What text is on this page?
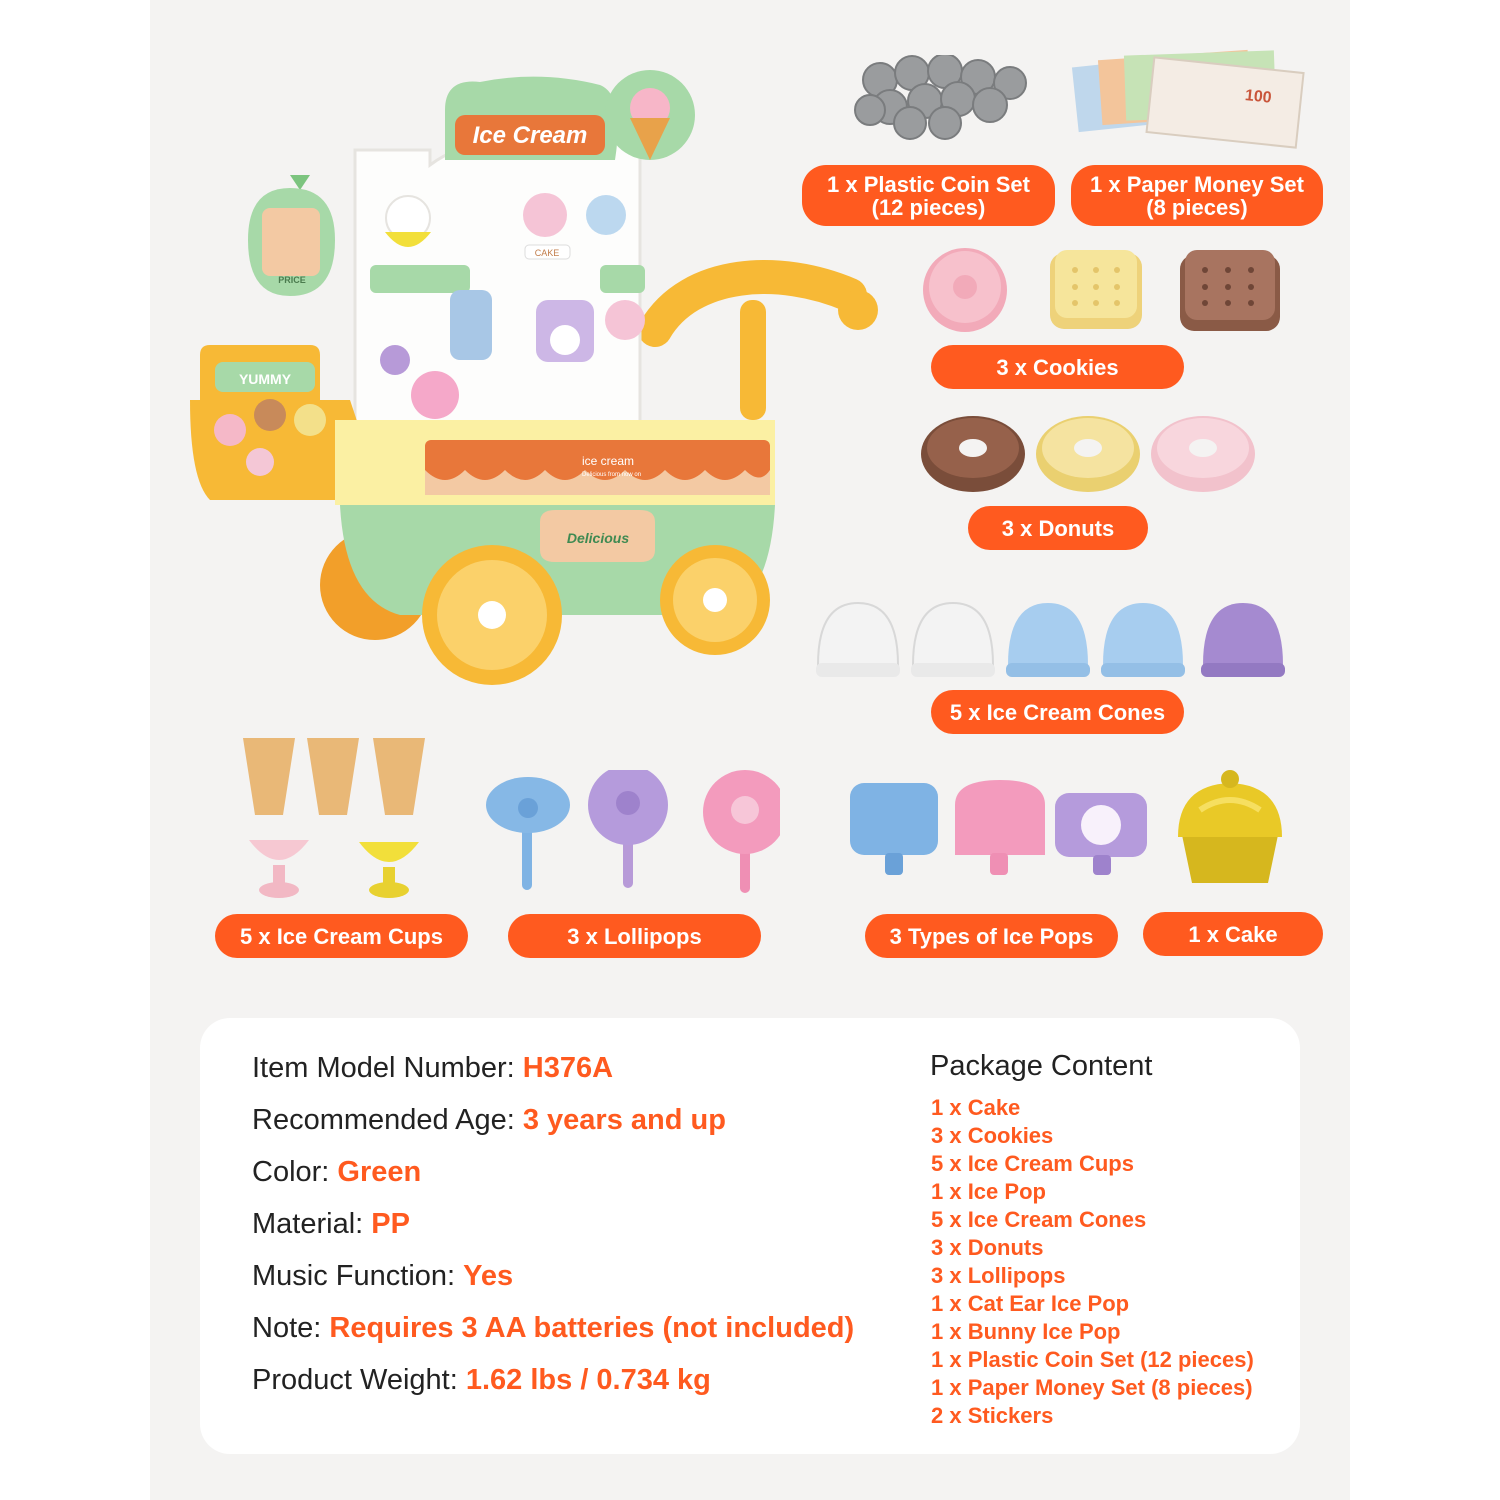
Ice Cream
PRICE
CAKE
YUMMY
ice cream
Delicious from now on
Delicious
100
1 x Plastic Coin Set
(12 pieces)
1 x Paper Money Set
(8 pieces)
3 x Cookies
3 x Donuts
5 x Ice Cream Cones
5 x Ice Cream Cups	3 x Lollipops	3 Types of Ice Pops	1 x Cake
Item Model Number: H376A
Recommended Age: 3 years and up
Color: Green
Material: PP
Music Function: Yes
Note: Requires 3 AA batteries (not included)
Product Weight: 1.62 lbs / 0.734 kg
Package Content
1 x Cake
3 x Cookies
5 x Ice Cream Cups
1 x Ice Pop
5 x Ice Cream Cones
3 x Donuts
3 x Lollipops
1 x Cat Ear Ice Pop
1 x Bunny Ice Pop
1 x Plastic Coin Set (12 pieces)
1 x Paper Money Set (8 pieces)
2 x Stickers
